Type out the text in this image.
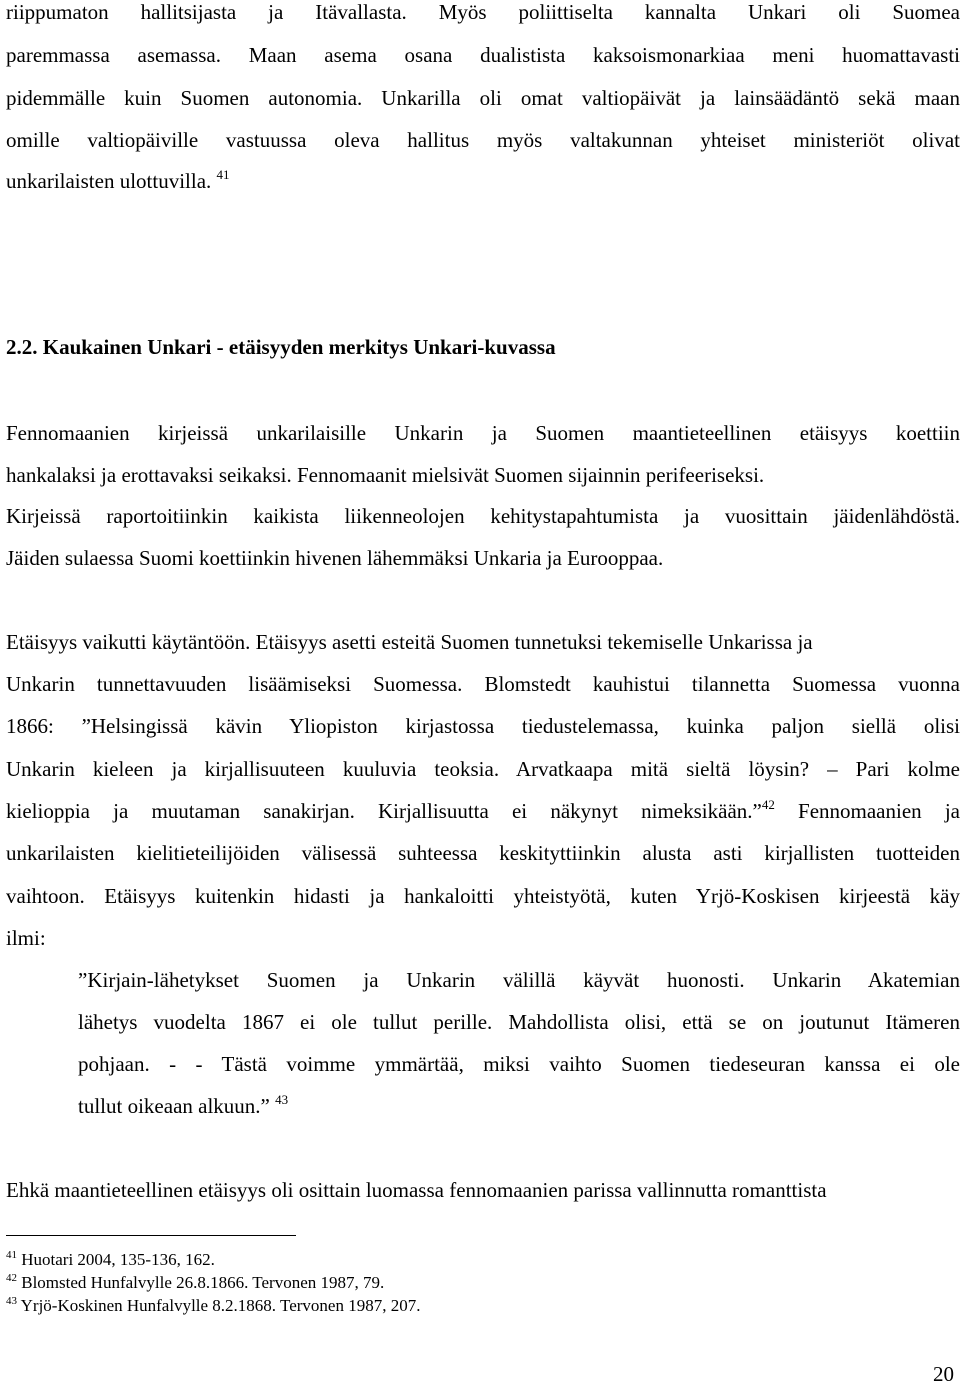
riippumaton hallitsijasta ja Itävallasta. Myös poliittiselta kannalta Unkari oli Suomea
paremmassa asemassa. Maan asema osana dualistista kaksoismonarkiaa meni huomattavasti
pidemmälle kuin Suomen autonomia. Unkarilla oli omat valtiopäivät ja lainsäädäntö sekä maan
omille valtiopäiville vastuussa oleva hallitus myös valtakunnan yhteiset ministeriöt olivat
unkarilaisten ulottuvilla. $^{41}$
2.2. Kaukainen Unkari - etäisyyden merkitys Unkari-kuvassa
Fennomaanien kirjeissä unkarilaisille Unkarin ja Suomen maantieteellinen etäisyys koettiin
hankalaksi ja erottavaksi seikaksi. Fennomaanit mielsivät Suomen sijainnin perifeeriseksi.
Kirjeissä raportoitiinkin kaikista liikenneolojen kehitystapahtumista ja vuosittain jäidenlähdöstä.
Jäiden sulaessa Suomi koettiinkin hivenen lähemmäksi Unkaria ja Eurooppaa.
Etäisyys vaikutti käytäntöön. Etäisyys asetti esteitä Suomen tunnetuksi tekemiselle Unkarissa ja
Unkarin tunnettavuuden lisäämiseksi Suomessa. Blomstedt kauhistui tilannetta Suomessa vuonna
1866: ”Helsingissä kävin Yliopiston kirjastossa tiedustelemassa, kuinka paljon siellä olisi
Unkarin kieleen ja kirjallisuuteen kuuluvia teoksia. Arvatkaapa mitä sieltä löysin? – Pari kolme
kielioppia ja muutaman sanakirjan. Kirjallisuutta ei näkynyt nimeksikään.”$^{42}$ Fennomaanien ja
unkarilaisten kielitieteilijöiden välisessä suhteessa keskityttiinkin alusta asti kirjallisten tuotteiden
vaihtoon. Etäisyys kuitenkin hidasti ja hankaloitti yhteistyötä, kuten Yrjö-Koskisen kirjeestä käy
ilmi:
”Kirjain-lähetykset Suomen ja Unkarin välillä käyvät huonosti. Unkarin Akatemian
lähetys vuodelta 1867 ei ole tullut perille. Mahdollista olisi, että se on joutunut Itämeren
pohjaan. - - Tästä voimme ymmärtää, miksi vaihto Suomen tiedeseuran kanssa ei ole
tullut oikeaan alkuun.” $^{43}$
Ehkä maantieteellinen etäisyys oli osittain luomassa fennomaanien parissa vallinnutta romanttista
$^{41}$ Huotari 2004, 135-136, 162.
$^{42}$ Blomsted Hunfalvylle 26.8.1866. Tervonen 1987, 79.
$^{43}$ Yrjö-Koskinen Hunfalvylle 8.2.1868. Tervonen 1987, 207.
20
